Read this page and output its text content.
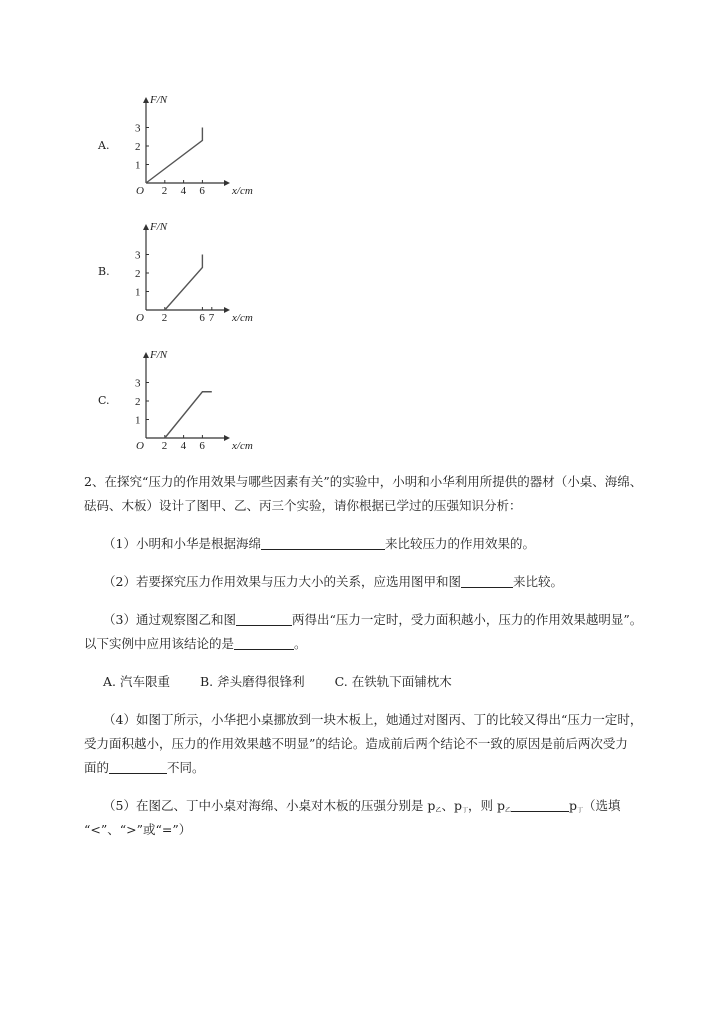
A.
1
2
3
2 4 6
O
F/N
x/cm
B.
1
2
3
2	6 7
O
F/N
x/cm
C.
1
2
3
2 4 6
O
F/N
x/cm
2、在探究“压力的作用效果与哪些因素有关”的实验中，小明和小华利用所提供的器材（小桌、海绵、
砝码、木板）设计了图甲、乙、丙三个实验，请你根据已学过的压强知识分析：
（1）小明和小华是根据海绵	来比较压力的作用效果的。
（2）若要探究压力作用效果与压力大小的关系，应选用图甲和图	来比较。
（3）通过观察图乙和图	两得出“压力一定时，受力面积越小，压力的作用效果越明显”。
以下实例中应用该结论的是	。
A. 汽车限重 B. 斧头磨得很锋利 C. 在铁轨下面铺枕木
（4）如图丁所示，小华把小桌挪放到一块木板上，她通过对图丙、丁的比较又得出“压力一定时，
受力面积越小，压力的作用效果越不明显”的结论。造成前后两个结论不一致的原因是前后两次受力
面的	不同。
（5）在图乙、丁中小桌对海绵、小桌对木板的压强分别是 $p_乙$、$p_丁$，则 $p_乙$	$p_丁$（选填
“<”、“>”或“=”）
